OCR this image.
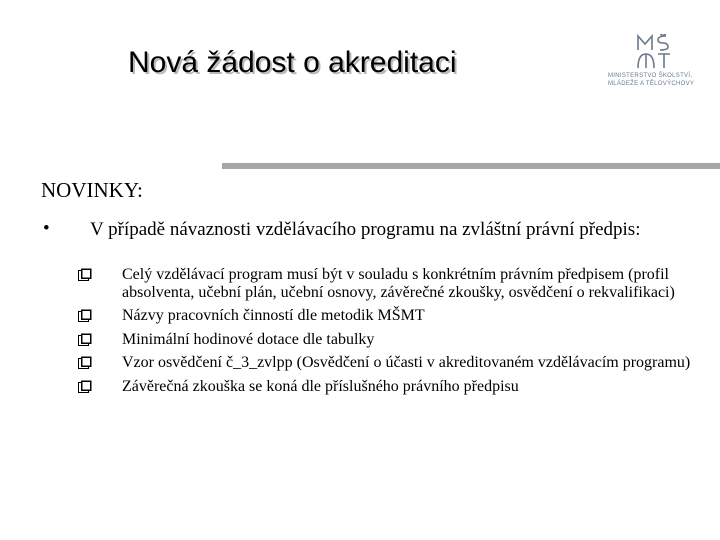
Nová žádost o akreditaci	MINISTERSTVO ŠKOLSTVÍ,
MLÁDEŽE A TĚLOVÝCHOVY
NOVINKY:
• V případě návaznosti vzdělávacího programu na zvláštní právní předpis:
Celý vzdělávací program musí být v souladu s konkrétním právním předpisem (profil absolventa, učební plán, učební osnovy, závěrečné zkoušky, osvědčení o rekvalifikaci)
Názvy pracovních činností dle metodik MŠMT
Minimální hodinové dotace dle tabulky
Vzor osvědčení č_3_zvlpp (Osvědčení o účasti v akreditovaném vzdělávacím programu)
Závěrečná zkouška se koná dle příslušného právního předpisu
